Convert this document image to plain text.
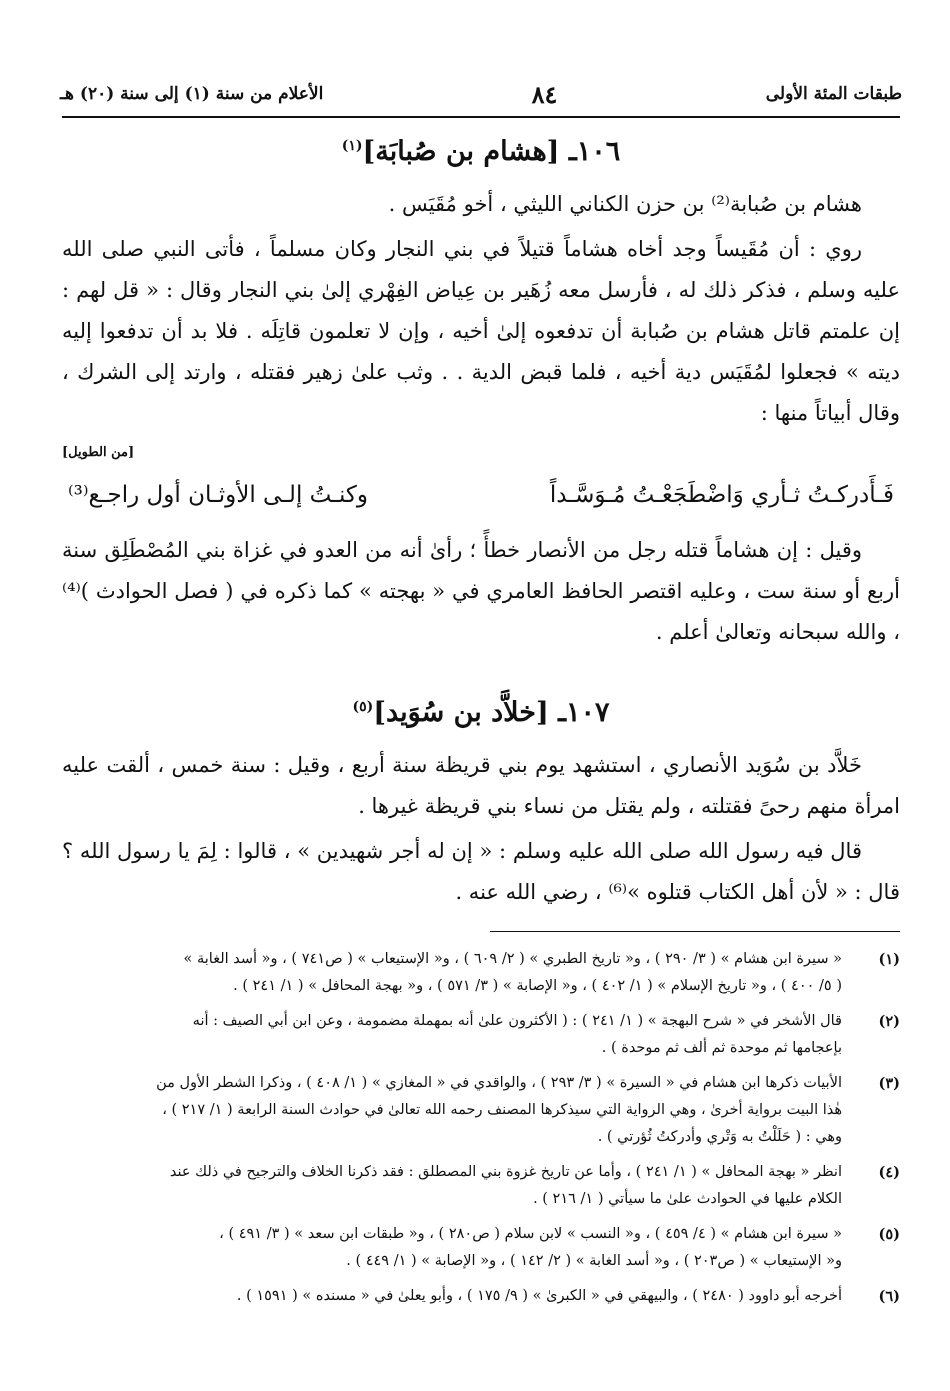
طبقات المئة الأولى
٨٤
الأعلام من سنة (١) إلى سنة (٢٠) هـ
١٠٦ـ [هشام بن صُبابَة]$^{(١)}$

هشام بن صُبابة⁽²⁾ بن حزن الكناني الليثي ، أخو مُقَيَس .

روي : أن مُقَيساً وجد أخاه هشاماً قتيلاً في بني النجار وكان مسلماً ، فأتى النبي صلى الله عليه وسلم ، فذكر ذلك له ، فأرسل معه زُهَير بن عِياض الفِهْري إلىٰ بني النجار وقال : « قل لهم : إن علمتم قاتل هشام بن صُبابة أن تدفعوه إلىٰ أخيه ، وإن لا تعلمون قاتِلَه . فلا بد أن تدفعوا إليه ديته » فجعلوا لمُقَيَس دية أخيه ، فلما قبض الدية . . وثب علىٰ زهير فقتله ، وارتد إلى الشرك ، وقال أبياتاً منها :

[من الطويل]
فَـأَدركـتُ ثـأري وَاضْطَجَعْـتُ مُـوَسَّـداً
وكنـتُ إلـى الأوثـان أول راجـع⁽³⁾

وقيل : إن هشاماً قتله رجل من الأنصار خطأً ؛ رأىٰ أنه من العدو في غزاة بني المُصْطَلِق سنة أربع أو سنة ست ، وعليه اقتصر الحافظ العامري في « بهجته » كما ذكره في ( فصل الحوادث )⁽⁴⁾ ، والله سبحانه وتعالىٰ أعلم .

١٠٧ـ [خلاَّد بن سُوَيد]$^{(٥)}$

خَلاَّد بن سُوَيد الأنصاري ، استشهد يوم بني قريظة سنة أربع ، وقيل : سنة خمس ، ألقت عليه امرأة منهم رحىً فقتلته ، ولم يقتل من نساء بني قريظة غيرها .

قال فيه رسول الله صلى الله عليه وسلم : « إن له أجر شهيدين » ، قالوا : لِمَ يا رسول الله ؟ قال : « لأن أهل الكتاب قتلوه »⁽⁶⁾ ، رضي الله عنه .

(١)
« سيرة ابن هشام » ( ٣/ ٢٩٠ ) ، و« تاريخ الطبري » ( ٢/ ٦٠٩ ) ، و« الإستيعاب » ( ص٧٤١ ) ، و« أسد الغابة »
( ٥/ ٤٠٠ ) ، و« تاريخ الإسلام » ( ١/ ٤٠٢ ) ، و« الإصابة » ( ٣/ ٥٧١ ) ، و« بهجة المحافل » ( ١/ ٢٤١ ) .
(٢)
قال الأشخر في « شرح البهجة » ( ١/ ٢٤١ ) : ( الأكثرون علىٰ أنه بمهملة مضمومة ، وعن ابن أبي الصيف : أنه
بإعجامها ثم موحدة ثم ألف ثم موحدة ) .
(٣)
الأبيات ذكرها ابن هشام في « السيرة » ( ٣/ ٢٩٣ ) ، والواقدي في « المغازي » ( ١/ ٤٠٨ ) ، وذكرا الشطر الأول من
هٰذا البيت برواية أخرىٰ ، وهي الرواية التي سيذكرها المصنف رحمه الله تعالىٰ في حوادث السنة الرابعة ( ١/ ٢١٧ ) ،
وهي : ( حَلَلْتُ به وَتْري وأدركتُ ثُؤرتي ) .
(٤)
انظر « بهجة المحافل » ( ١/ ٢٤١ ) ، وأما عن تاريخ غزوة بني المصطلق : فقد ذكرنا الخلاف والترجيح في ذلك عند
الكلام عليها في الحوادث علىٰ ما سيأتي ( ١/ ٢١٦ ) .
(٥)
« سيرة ابن هشام » ( ٤/ ٤٥٩ ) ، و« النسب » لابن سلام ( ص٢٨٠ ) ، و« طبقات ابن سعد » ( ٣/ ٤٩١ ) ،
و« الإستيعاب » ( ص٢٠٣ ) ، و« أسد الغابة » ( ٢/ ١٤٢ ) ، و« الإصابة » ( ١/ ٤٤٩ ) .
(٦)
أخرجه أبو داوود ( ٢٤٨٠ ) ، والبيهقي في « الكبرىٰ » ( ٩/ ١٧٥ ) ، وأبو يعلىٰ في « مسنده » ( ١٥٩١ ) .
